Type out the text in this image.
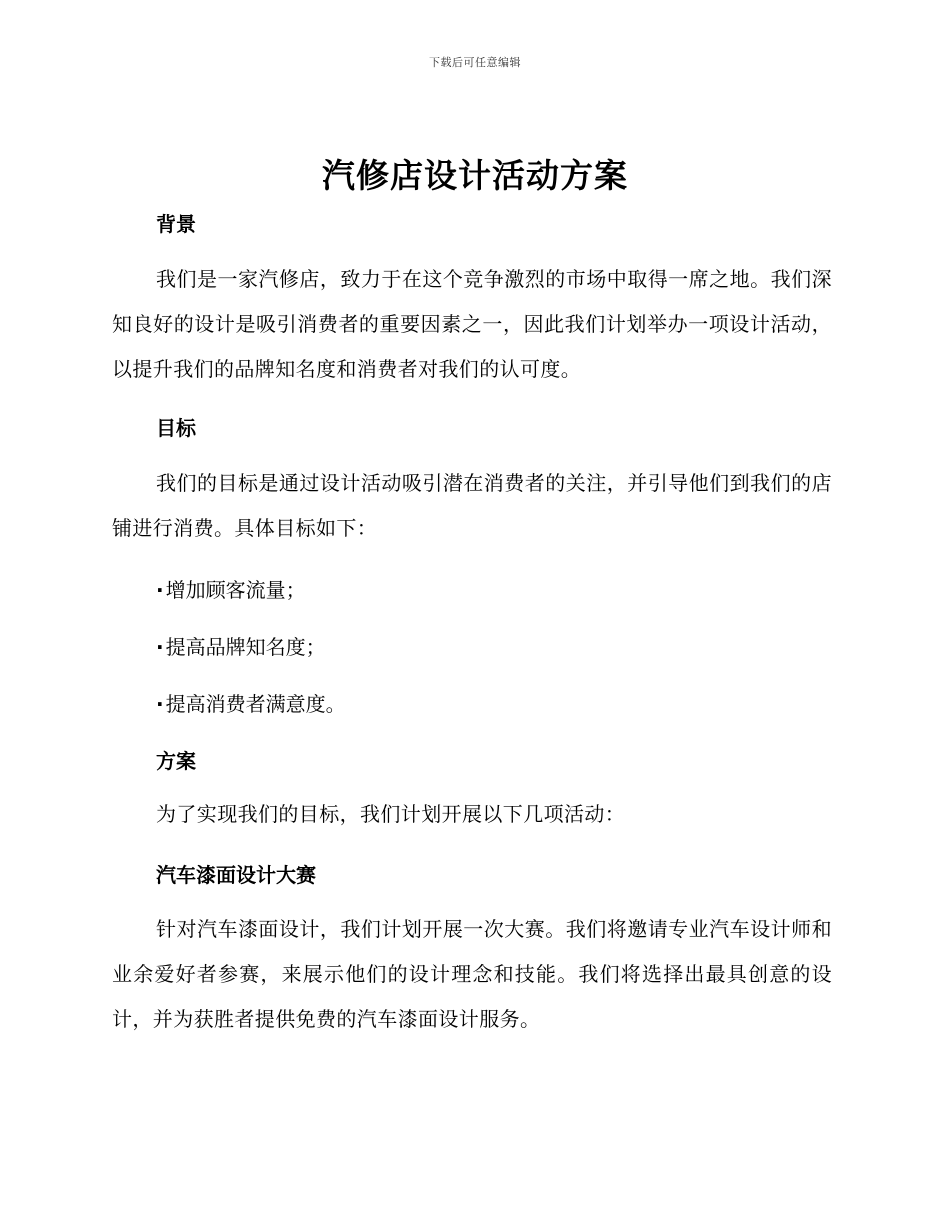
下载后可任意编辑
汽修店设计活动方案
背景

我们是一家汽修店，致力于在这个竞争激烈的市场中取得一席之地。我们深知良好的设计是吸引消费者的重要因素之一，因此我们计划举办一项设计活动，以提升我们的品牌知名度和消费者对我们的认可度。

目标

我们的目标是通过设计活动吸引潜在消费者的关注，并引导他们到我们的店铺进行消费。具体目标如下：

· 增加顾客流量；
· 提高品牌知名度；
· 提高消费者满意度。
方案

为了实现我们的目标，我们计划开展以下几项活动：

汽车漆面设计大赛

针对汽车漆面设计，我们计划开展一次大赛。我们将邀请专业汽车设计师和业余爱好者参赛，来展示他们的设计理念和技能。我们将选择出最具创意的设计，并为获胜者提供免费的汽车漆面设计服务。
